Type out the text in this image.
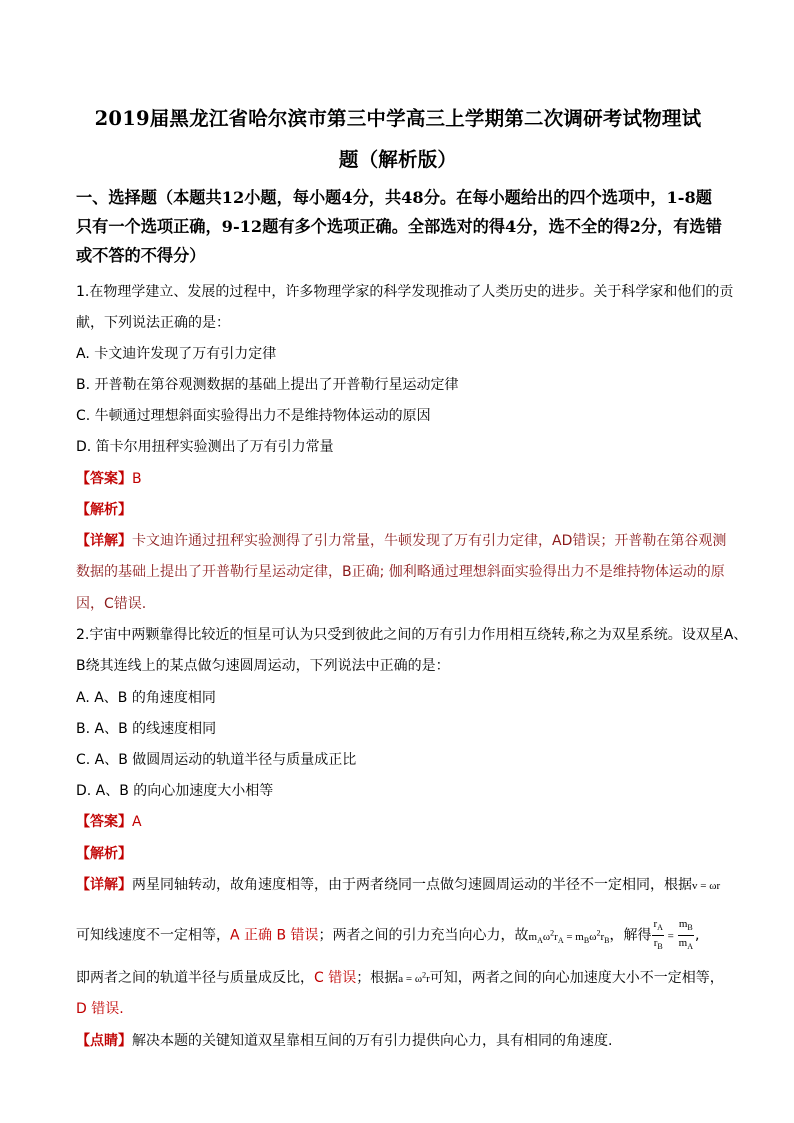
2019届黑龙江省哈尔滨市第三中学高三上学期第二次调研考试物理试
题（解析版）
一、选择题（本题共12小题，每小题4分，共48分。在每小题给出的四个选项中，1-8题只有一个选项正确，9-12题有多个选项正确。全部选对的得4分，选不全的得2分，有选错或不答的不得分）
1.在物理学建立、发展的过程中，许多物理学家的科学发现推动了人类历史的进步。关于科学家和他们的贡
献，下列说法正确的是：
A. 卡文迪许发现了万有引力定律
B. 开普勒在第谷观测数据的基础上提出了开普勒行星运动定律
C. 牛顿通过理想斜面实验得出力不是维持物体运动的原因
D. 笛卡尔用扭秤实验测出了万有引力常量
【答案】B
【解析】
【详解】卡文迪许通过扭秤实验测得了引力常量，牛顿发现了万有引力定律，AD错误；开普勒在第谷观测
数据的基础上提出了开普勒行星运动定律，B正确; 伽利略通过理想斜面实验得出力不是维持物体运动的原
因，C错误.
2.宇宙中两颗靠得比较近的恒星可认为只受到彼此之间的万有引力作用相互绕转,称之为双星系统。设双星A、
B绕其连线上的某点做匀速圆周运动，下列说法中正确的是：
A. A、B 的角速度相同
B. A、B 的线速度相同
C. A、B 做圆周运动的轨道半径与质量成正比
D. A、B 的向心加速度大小相等
【答案】A
【解析】
【详解】两星同轴转动，故角速度相等，由于两者绕同一点做匀速圆周运动的半径不一定相同，根据v = ωr
可知线速度不一定相等，A 正确 B 错误；两者之间的引力充当向心力，故$m_A\omega^2r_A = m_B\omega^2r_B$，解得 $\frac{r_A}{r_B} = \frac{m_B}{m_A}$ ,
即两者之间的轨道半径与质量成反比，C 错误；根据$a = \omega^2r$可知，两者之间的向心加速度大小不一定相等，
D 错误.
【点睛】解决本题的关键知道双星靠相互间的万有引力提供向心力，具有相同的角速度.
